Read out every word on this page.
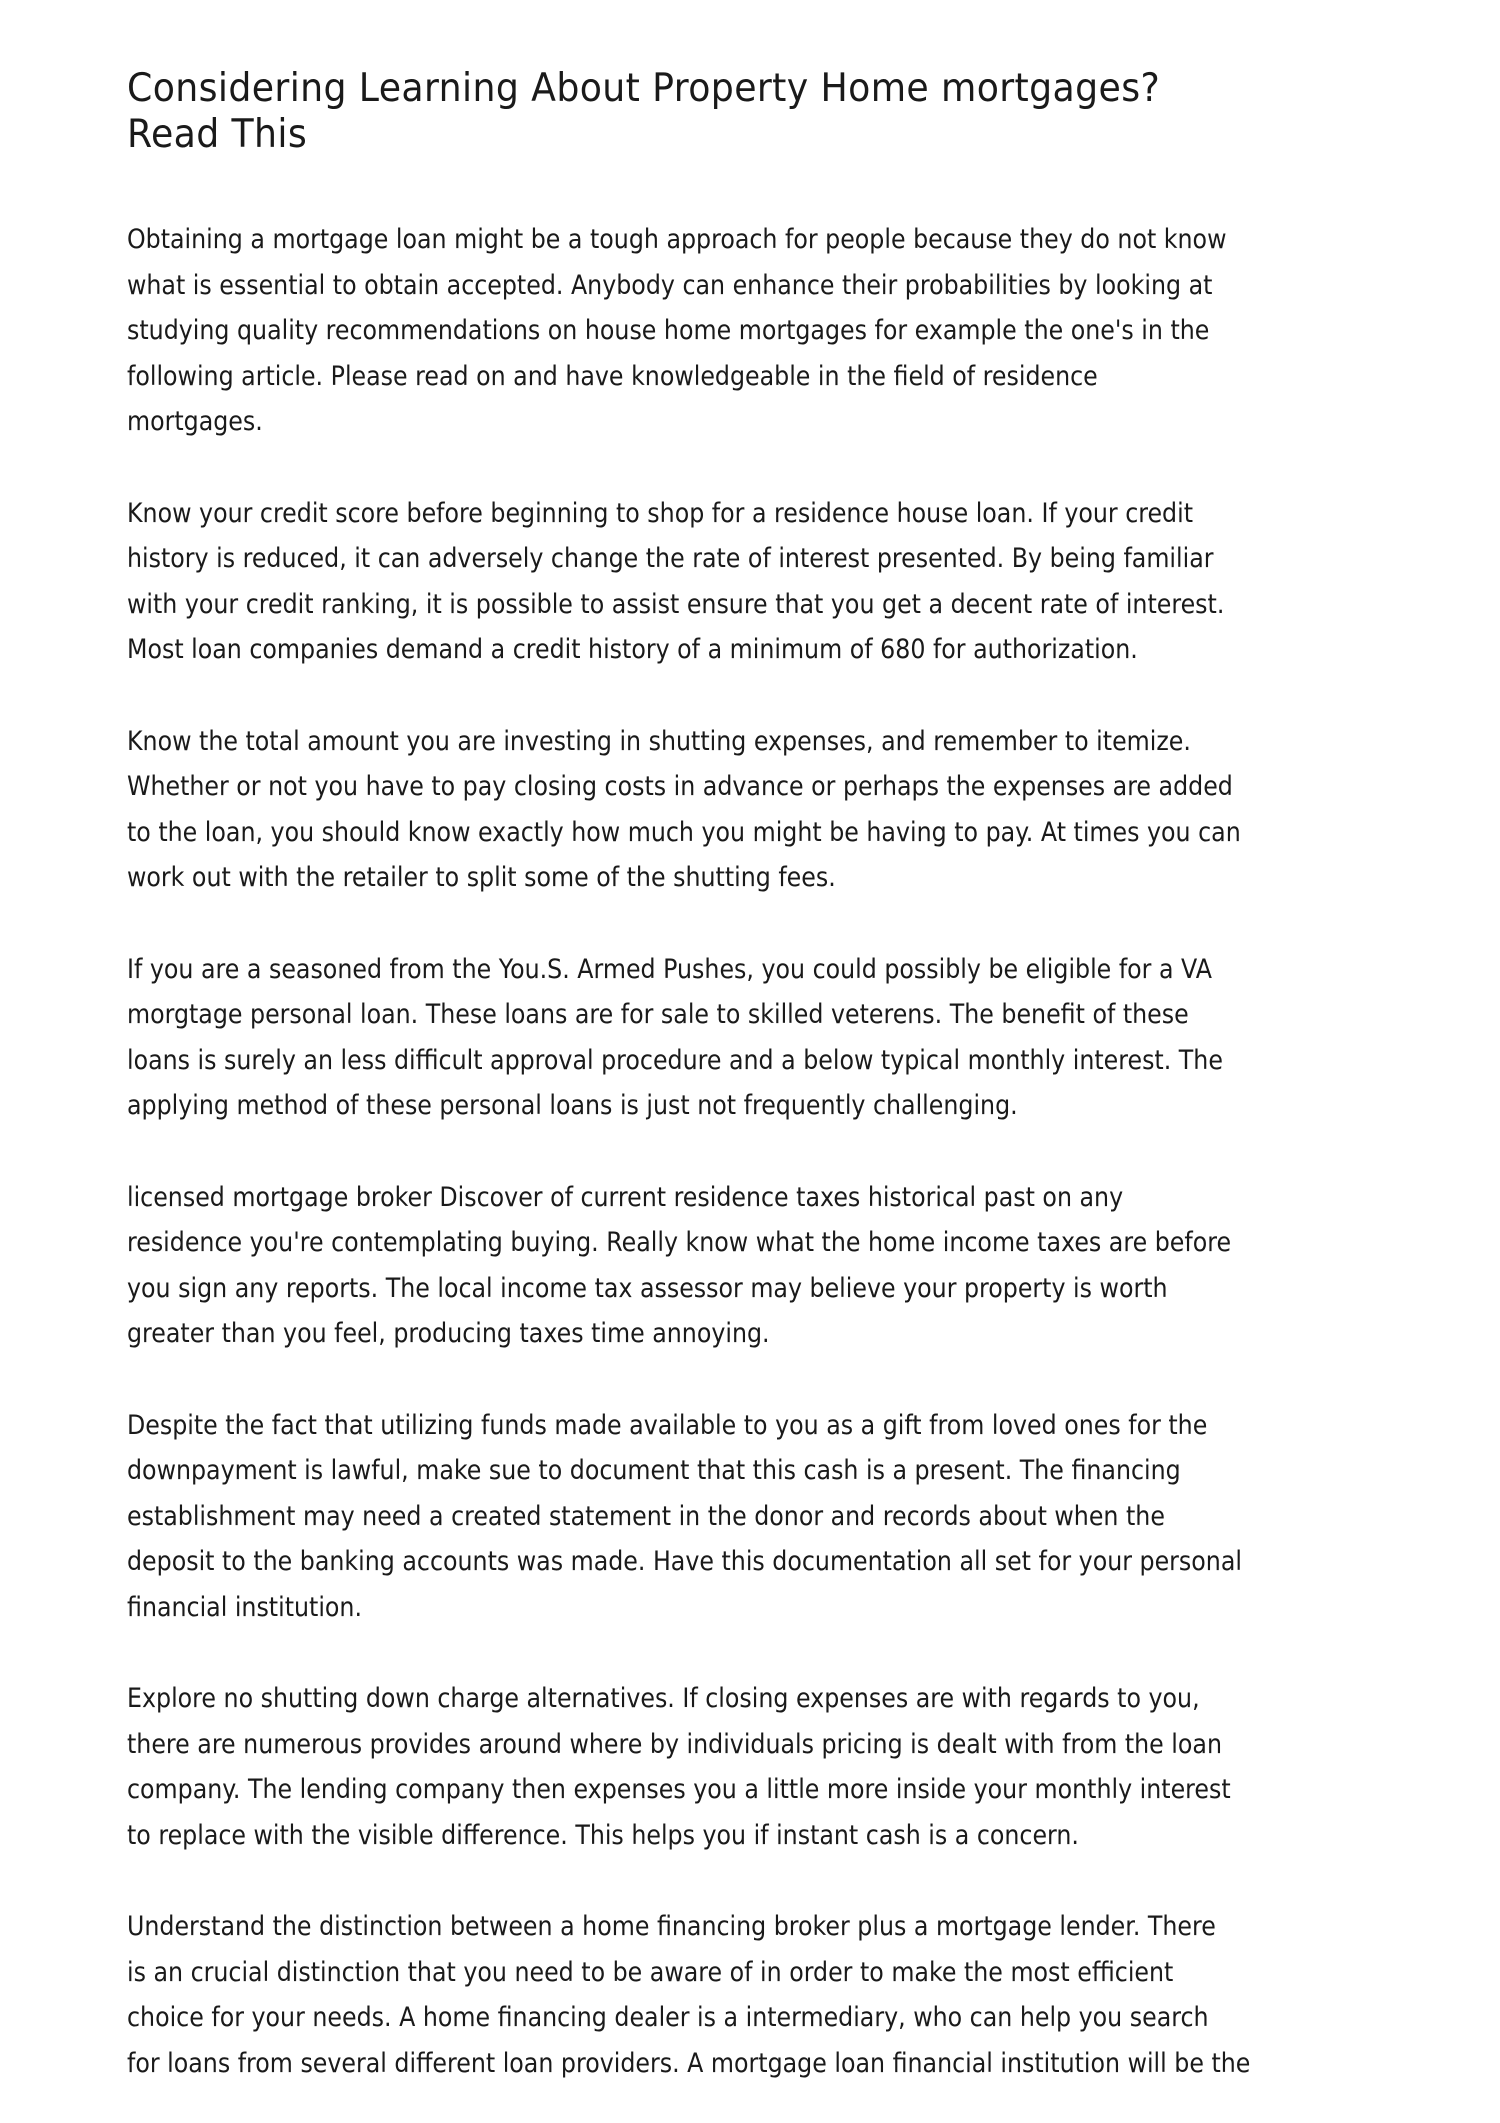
Considering Learning About Property Home mortgages?
Read This

Obtaining a mortgage loan might be a tough approach for people because they do not know
what is essential to obtain accepted. Anybody can enhance their probabilities by looking at
studying quality recommendations on house home mortgages for example the one's in the
following article. Please read on and have knowledgeable in the field of residence
mortgages.

Know your credit score before beginning to shop for a residence house loan. If your credit
history is reduced, it can adversely change the rate of interest presented. By being familiar
with your credit ranking, it is possible to assist ensure that you get a decent rate of interest.
Most loan companies demand a credit history of a minimum of 680 for authorization.

Know the total amount you are investing in shutting expenses, and remember to itemize.
Whether or not you have to pay closing costs in advance or perhaps the expenses are added
to the loan, you should know exactly how much you might be having to pay. At times you can
work out with the retailer to split some of the shutting fees.

If you are a seasoned from the You.S. Armed Pushes, you could possibly be eligible for a VA
morgtage personal loan. These loans are for sale to skilled veterens. The benefit of these
loans is surely an less difficult approval procedure and a below typical monthly interest. The
applying method of these personal loans is just not frequently challenging.

licensed mortgage broker Discover of current residence taxes historical past on any
residence you're contemplating buying. Really know what the home income taxes are before
you sign any reports. The local income tax assessor may believe your property is worth
greater than you feel, producing taxes time annoying.

Despite the fact that utilizing funds made available to you as a gift from loved ones for the
downpayment is lawful, make sue to document that this cash is a present. The financing
establishment may need a created statement in the donor and records about when the
deposit to the banking accounts was made. Have this documentation all set for your personal
financial institution.

Explore no shutting down charge alternatives. If closing expenses are with regards to you,
there are numerous provides around where by individuals pricing is dealt with from the loan
company. The lending company then expenses you a little more inside your monthly interest
to replace with the visible difference. This helps you if instant cash is a concern.

Understand the distinction between a home financing broker plus a mortgage lender. There
is an crucial distinction that you need to be aware of in order to make the most efficient
choice for your needs. A home financing dealer is a intermediary, who can help you search
for loans from several different loan providers. A mortgage loan financial institution will be the
